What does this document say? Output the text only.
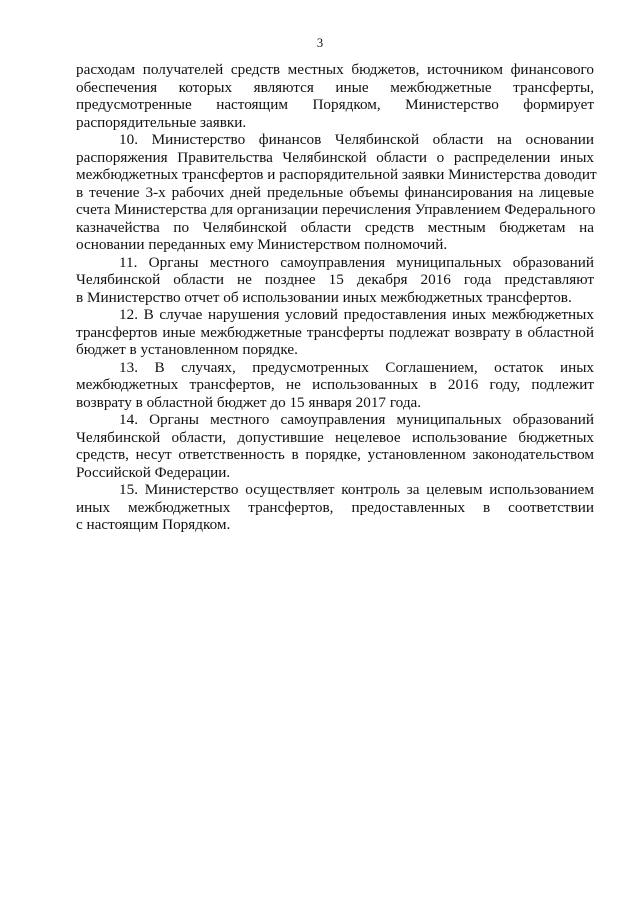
3
расходам получателей средств местных бюджетов, источником финансового
обеспечения которых являются иные межбюджетные трансферты,
предусмотренные настоящим Порядком, Министерство формирует
распорядительные заявки.
10. Министерство финансов Челябинской области на основании
распоряжения Правительства Челябинской области о распределении иных
межбюджетных трансфертов и распорядительной заявки Министерства доводит
в течение 3-х рабочих дней предельные объемы финансирования на лицевые
счета Министерства для организации перечисления Управлением Федерального
казначейства по Челябинской области средств местным бюджетам на
основании переданных ему Министерством полномочий.
11. Органы местного самоуправления муниципальных образований
Челябинской области не позднее 15 декабря 2016 года представляют
в Министерство отчет об использовании иных межбюджетных трансфертов.
12. В случае нарушения условий предоставления иных межбюджетных
трансфертов иные межбюджетные трансферты подлежат возврату в областной
бюджет в установленном порядке.
13. В случаях, предусмотренных Соглашением, остаток иных
межбюджетных трансфертов, не использованных в 2016 году, подлежит
возврату в областной бюджет до 15 января 2017 года.
14. Органы местного самоуправления муниципальных образований
Челябинской области, допустившие нецелевое использование бюджетных
средств, несут ответственность в порядке, установленном законодательством
Российской Федерации.
15. Министерство осуществляет контроль за целевым использованием
иных межбюджетных трансфертов, предоставленных в соответствии
с настоящим Порядком.
